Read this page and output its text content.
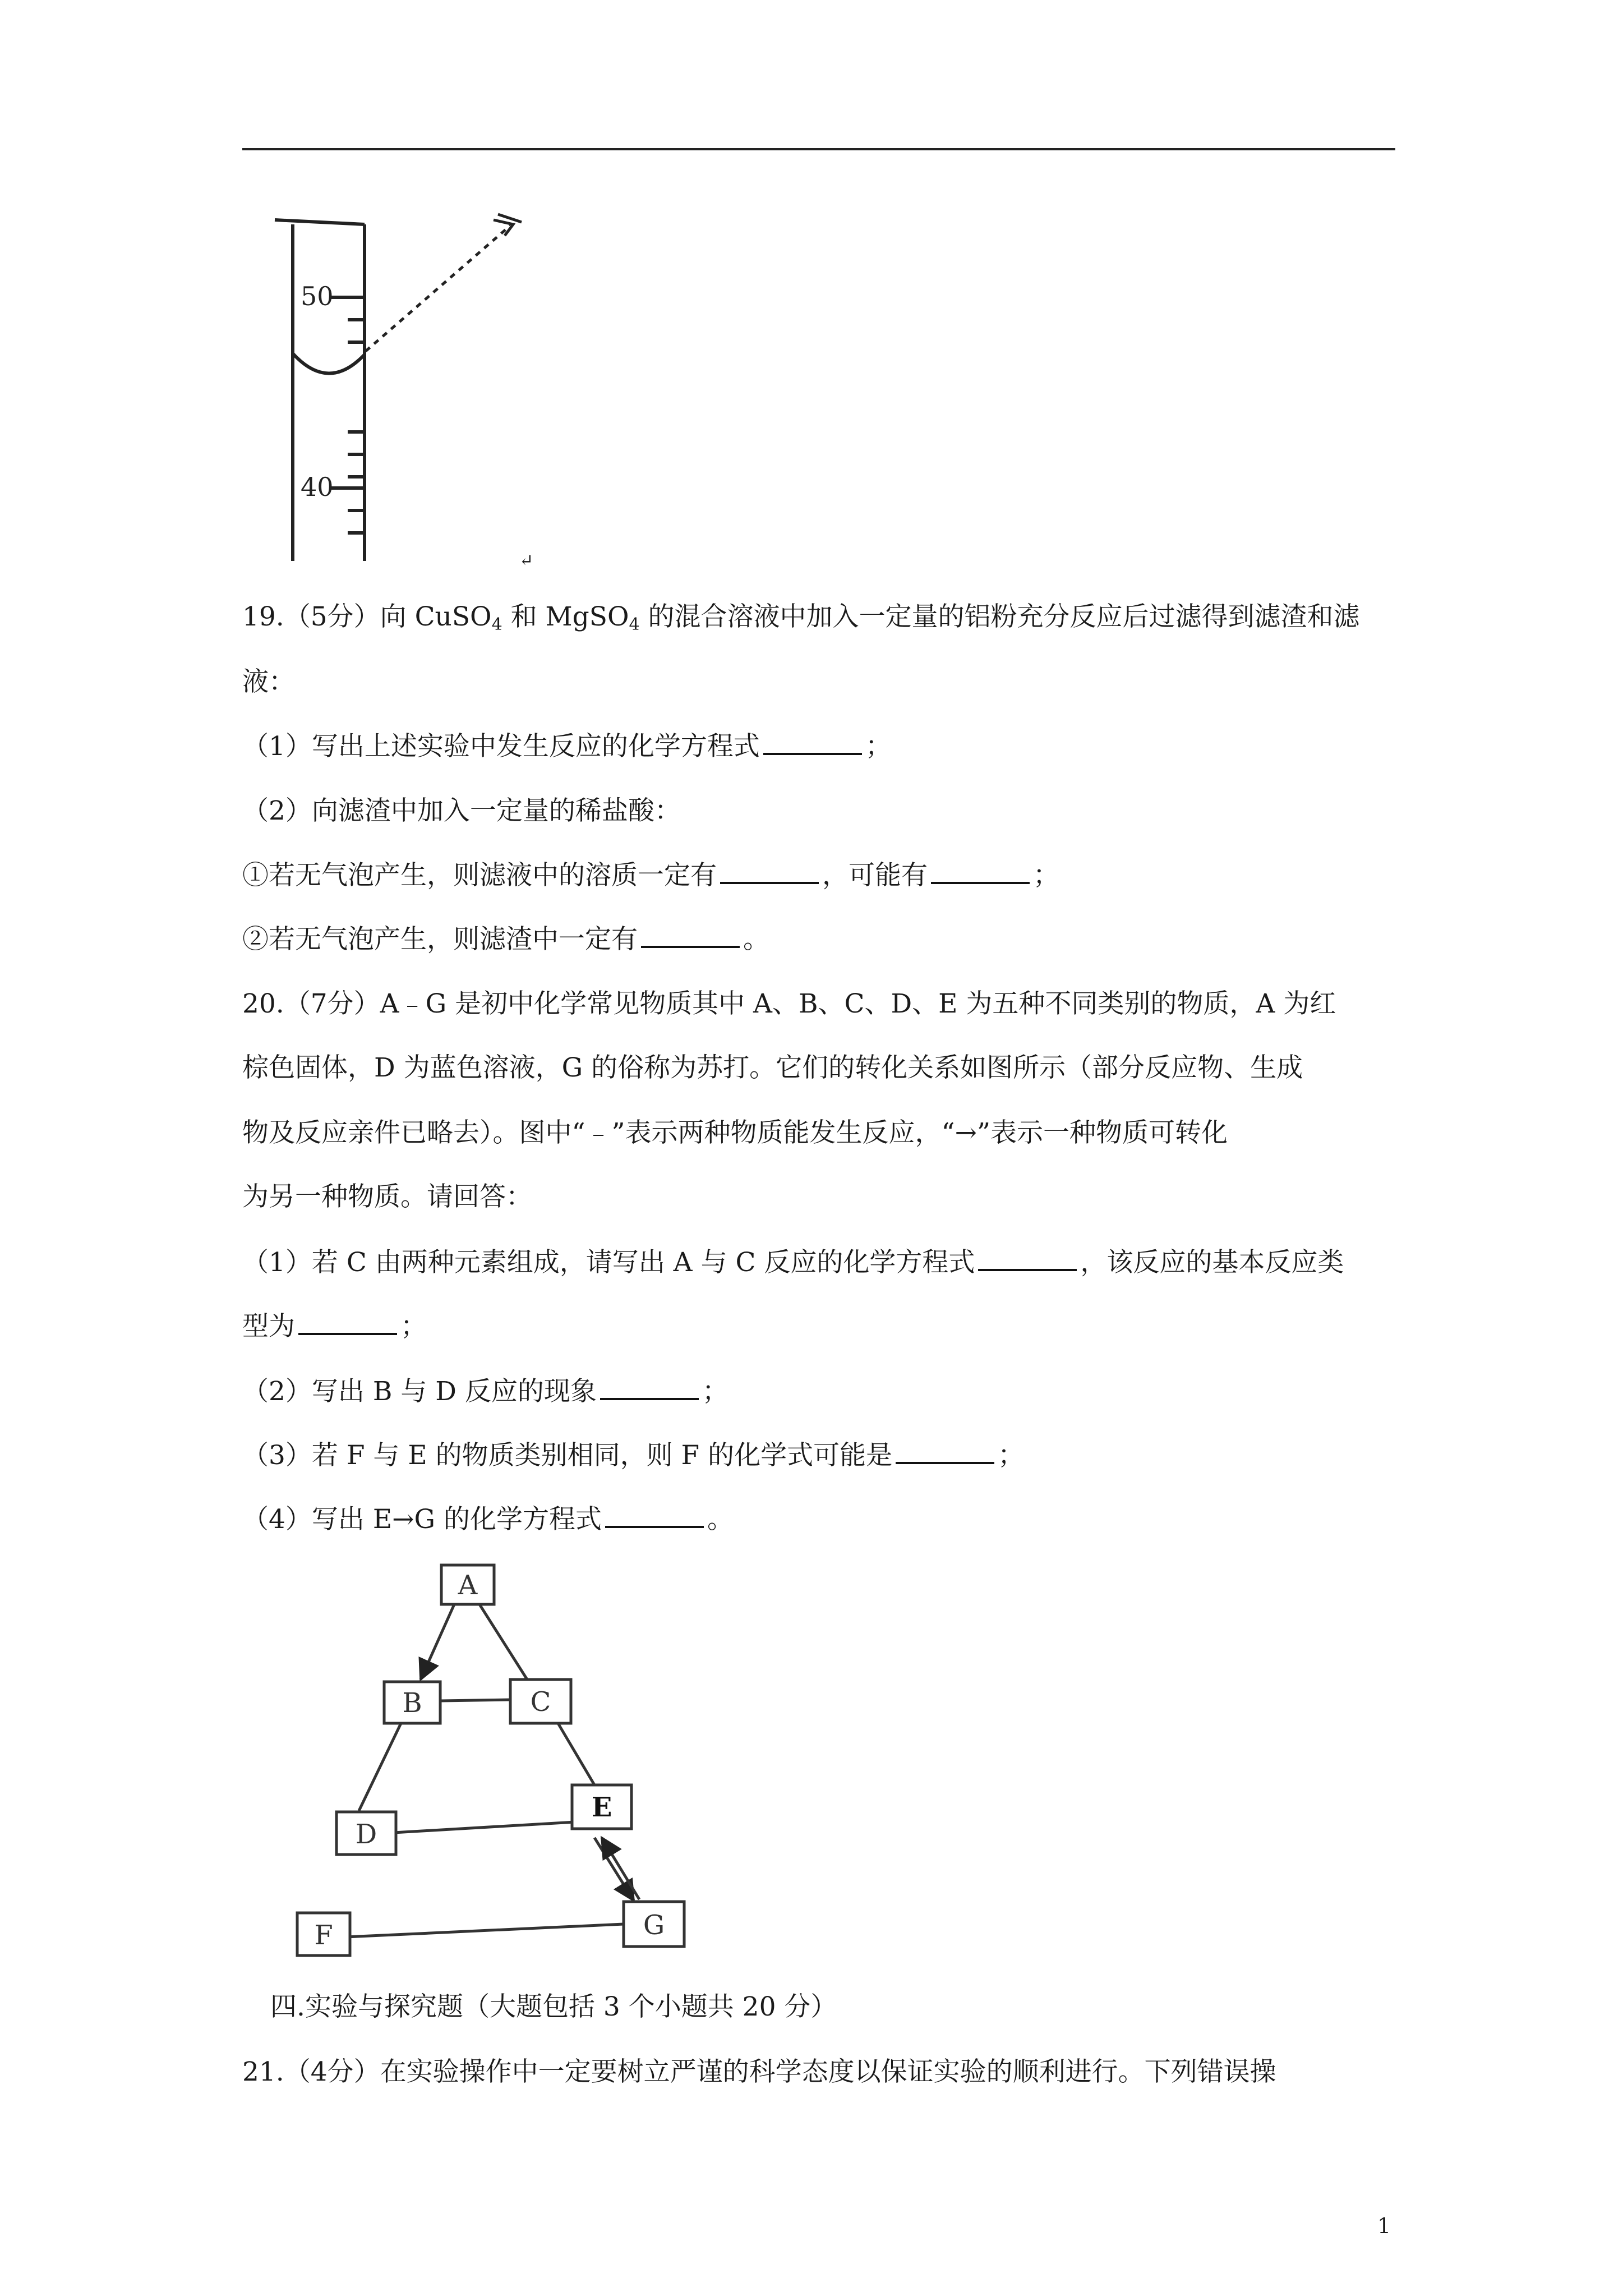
50
40
↵
19.（5分）向 CuSO$_4$ 和 MgSO$_4$ 的混合溶液中加入一定量的铝粉充分反应后过滤得到滤渣和滤
液：
（1）写出上述实验中发生反应的化学方程式	；
（2）向滤渣中加入一定量的稀盐酸：
①若无气泡产生，则滤液中的溶质一定有	，可能有	；
②若无气泡产生，则滤渣中一定有	。
20.（7分）A﹣G 是初中化学常见物质其中 A、B、C、D、E 为五种不同类别的物质，A 为红
棕色固体，D 为蓝色溶液，G 的俗称为苏打。它们的转化关系如图所示（部分反应物、生成
物及反应亲件已略去）。图中“﹣”表示两种物质能发生反应，“→”表示一种物质可转化
为另一种物质。请回答：
（1）若 C 由两种元素组成，请写出 A 与 C 反应的化学方程式	，该反应的基本反应类
型为	；
（2）写出 B 与 D 反应的现象	；
（3）若 F 与 E 的物质类别相同，则 F 的化学式可能是	；
（4）写出 E→G 的化学方程式	。
A
B	C
D
E
F	G
四.实验与探究题（大题包括 3 个小题共 20 分）
21.（4分）在实验操作中一定要树立严谨的科学态度以保证实验的顺利进行。下列错误操
1
